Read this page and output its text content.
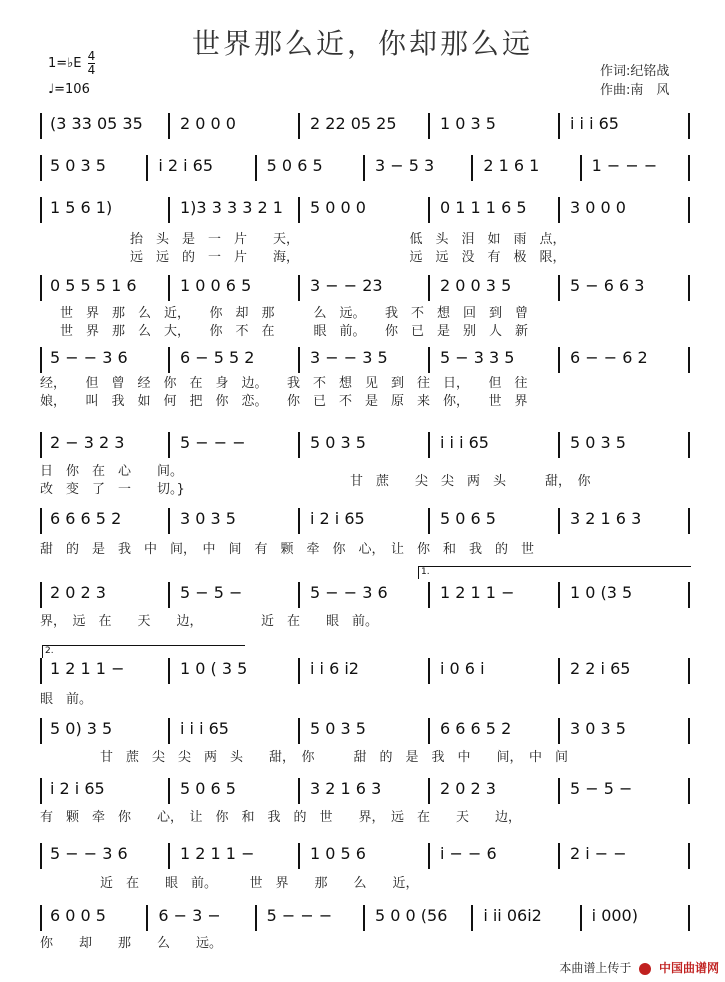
世界那么近，你却那么远
1=♭E $\frac{4}{4}$
♩=106
作词:纪铭战
作曲:南　风
(3 33 05 35 2 0 0 0	2 22 05 25	1 0 3 5	i i i 65
5 0 3 5	i 2 i 65	5 0 6 5	3 − 5 3	2 1 6 1	1 − − −
1 5 6 1)	1)3 3 3 3 2 1 5 0 0 0	0 1 1 1 6 5	3 0 0 0
0 5 5 5 1 6	1 0 0 6 5	3 − − 23	2 0 0 3 5	5 − 6 6 3
5 − − 3 6	6 − 5 5 2	3 − − 3 5	5 − 3 3 5	6 − − 6 2
2 − 3 2 3	5 − − −	5 0 3 5	i i i 65	5 0 3 5
6 6 6 5 2	3 0 3 5	i 2 i 65	5 0 6 5	3 2 1 6 3
2 0 2 3	5 − 5 −	5 − − 3 6	1 2 1 1 −	1 0 (3 5
1 2 1 1 −	1 0 ( 3 5	i i 6 i2	i 0 6 i	2 2 i 65
5 0) 3 5	i i i 65	5 0 3 5	6 6 6 5 2	3 0 3 5
i 2 i 65	5 0 6 5	3 2 1 6 3	2 0 2 3	5 − 5 −
5 − − 3 6	1 2 1 1 −	1 0 5 6	i − − 6	2 i − −
6 0 0 5	6 − 3 −	5 − − −	5 0 0 (56 i ii 06i2	i 000)
抬　头　是　一　片　　天，　　　　　　　　　低　头　泪　如　雨　点，
远　远　的　一　片　　海，　　　　　　　　　远　远　没　有　极　限，
世　界　那　么　近，　　你　却　那　　　么　远。　　我　不　想　回　到　曾
世　界　那　么　大，　　你　不　在　　　眼　前。　　你　已　是　别　人　新
经，　　但　曾　经　你　在　身　边。　　我　不　想　见　到　往　日，　　但　往
娘，　　叫　我　如　何　把　你　恋。　　你　已　不　是　原　来　你，　　世　界
日　你　在　心　　间。
改　变　了　一　　切。}
甘　蔗　　尖　尖　两　头　　　甜，　你
甜　的　是　我　中　间，　中　间　有　颗　牵　你　心，　让　你　和　我　的　世
界，　远　在　　天　　边，　　　　　近　在　　眼　前。
眼　前。
甘　蔗　尖　尖　两　头　　甜，　你　　　甜　的　是　我　中　　间，　中　间
有　颗　牵　你　　心，　让　你　和　我　的　世　　界，　远　在　　天　　边，
近　在　　眼　前。　　　世　界　　那　　么　　近，
你　　却　　那　　么　　远。
1.
2.
本曲谱上传于 中国曲谱网
